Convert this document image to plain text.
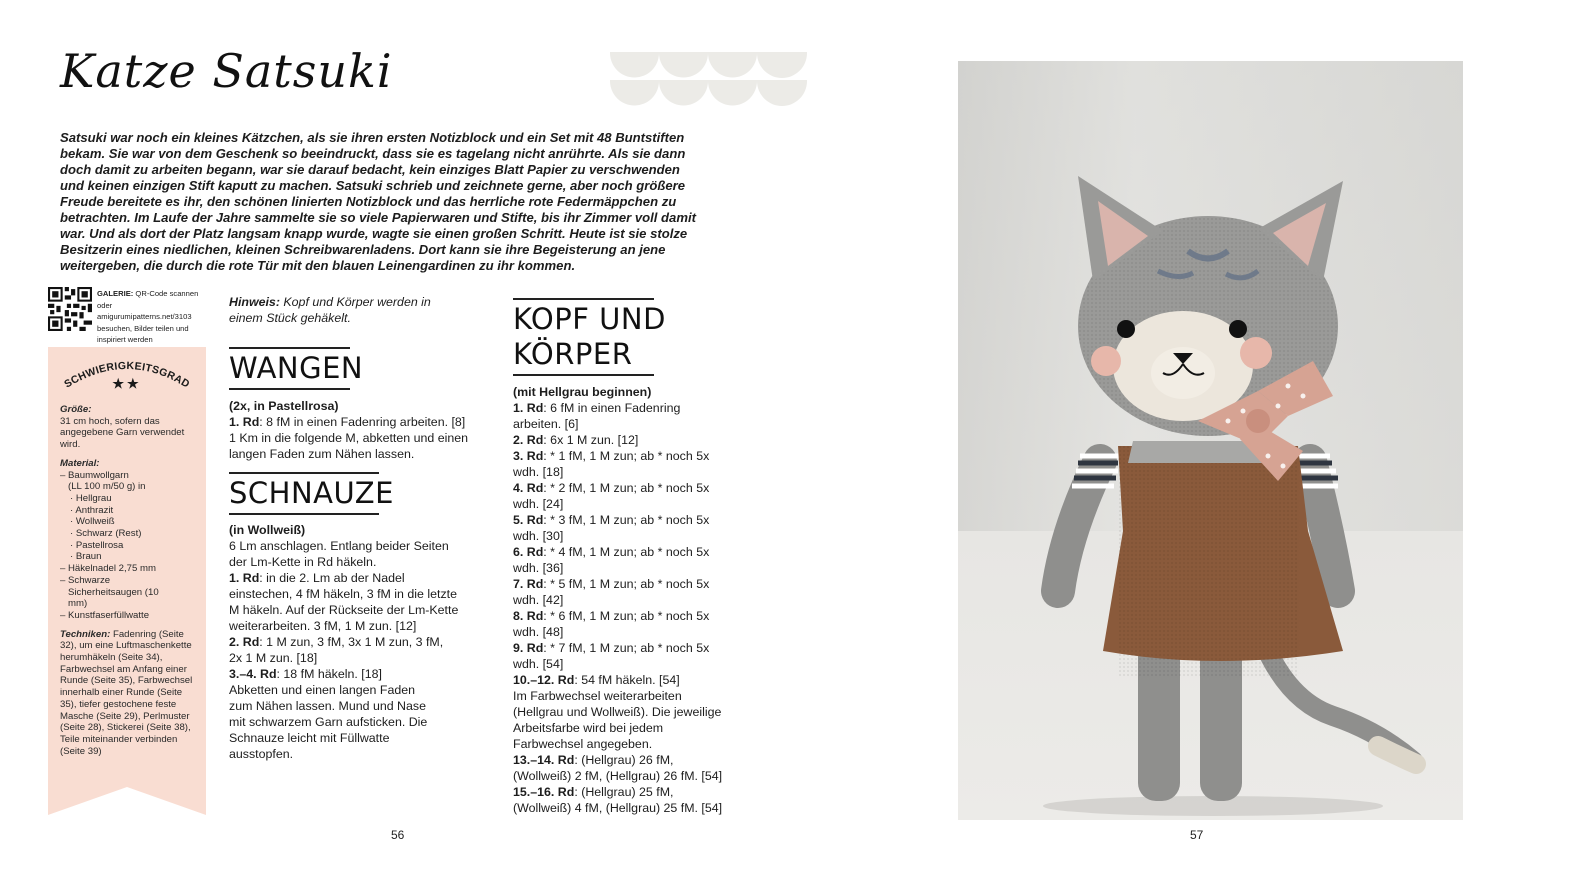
Katze Satsuki
Satsuki war noch ein kleines Kätzchen, als sie ihren ersten Notizblock und ein Set mit 48 Buntstiften bekam. Sie war von dem Geschenk so beeindruckt, dass sie es tagelang nicht anrührte. Als sie dann doch damit zu arbeiten begann, war sie darauf bedacht, kein einziges Blatt Papier zu verschwenden und keinen einzigen Stift kaputt zu machen. Satsuki schrieb und zeichnete gerne, aber noch größere Freude bereitete es ihr, den schönen linierten Notizblock und das herrliche rote Federmäppchen zu betrachten. Im Laufe der Jahre sammelte sie so viele Papierwaren und Stifte, bis ihr Zimmer voll damit war. Und als dort der Platz langsam knapp wurde, wagte sie einen großen Schritt. Heute ist sie stolze Besitzerin eines niedlichen, kleinen Schreibwarenladens. Dort kann sie ihre Begeisterung an jene weitergeben, die durch die rote Tür mit den blauen Leinengardinen zu ihr kommen.
GALERIE: QR-Code scannen oder amigurumipatterns.net/3103 besuchen, Bilder teilen und inspiriert werden
SCHWIERIGKEITSGRAD
★★
Größe:
31 cm hoch, sofern das angegebene Garn verwendet wird.
Material:
– Baumwollgarn
(LL 100 m/50 g) in
· Hellgrau
· Anthrazit
· Wollweiß
· Schwarz (Rest)
· Pastellrosa
· Braun
– Häkelnadel 2,75 mm
– Schwarze Sicherheitsaugen (10 mm)
– Kunstfaserfüllwatte
Techniken: Fadenring (Seite 32), um eine Luftmaschenkette herumhäkeln (Seite 34), Farbwechsel am Anfang einer Runde (Seite 35), Farbwechsel innerhalb einer Runde (Seite 35), tiefer gestochene feste Masche (Seite 29), Perlmuster (Seite 28), Stickerei (Seite 38), Teile miteinander verbinden (Seite 39)
Hinweis: Kopf und Körper werden in einem Stück gehäkelt.
WANGEN
(2x, in Pastellrosa)
1. Rd: 8 fM in einen Fadenring arbeiten. [8]
1 Km in die folgende M, abketten und einen langen Faden zum Nähen lassen.
SCHNAUZE
(in Wollweiß)
6 Lm anschlagen. Entlang beider Seiten der Lm-Kette in Rd häkeln.
1. Rd: in die 2. Lm ab der Nadel einstechen, 4 fM häkeln, 3 fM in die letzte M häkeln. Auf der Rückseite der Lm-Kette weiterarbeiten. 3 fM, 1 M zun. [12]
2. Rd: 1 M zun, 3 fM, 3x 1 M zun, 3 fM, 2x 1 M zun. [18]
3.–4. Rd: 18 fM häkeln. [18]
Abketten und einen langen Faden zum Nähen lassen. Mund und Nase mit schwarzem Garn aufsticken. Die Schnauze leicht mit Füllwatte ausstopfen.
KOPF UND
KÖRPER
(mit Hellgrau beginnen)
1. Rd: 6 fM in einen Fadenring arbeiten. [6]
2. Rd: 6x 1 M zun. [12]
3. Rd: * 1 fM, 1 M zun; ab * noch 5x wdh. [18]
4. Rd: * 2 fM, 1 M zun; ab * noch 5x wdh. [24]
5. Rd: * 3 fM, 1 M zun; ab * noch 5x wdh. [30]
6. Rd: * 4 fM, 1 M zun; ab * noch 5x wdh. [36]
7. Rd: * 5 fM, 1 M zun; ab * noch 5x wdh. [42]
8. Rd: * 6 fM, 1 M zun; ab * noch 5x wdh. [48]
9. Rd: * 7 fM, 1 M zun; ab * noch 5x wdh. [54]
10.–12. Rd: 54 fM häkeln. [54]
Im Farbwechsel weiterarbeiten (Hellgrau und Wollweiß). Die jeweilige Arbeitsfarbe wird bei jedem Farbwechsel angegeben.
13.–14. Rd: (Hellgrau) 26 fM, (Wollweiß) 2 fM, (Hellgrau) 26 fM. [54]
15.–16. Rd: (Hellgrau) 25 fM, (Wollweiß) 4 fM, (Hellgrau) 25 fM. [54]
56	57
